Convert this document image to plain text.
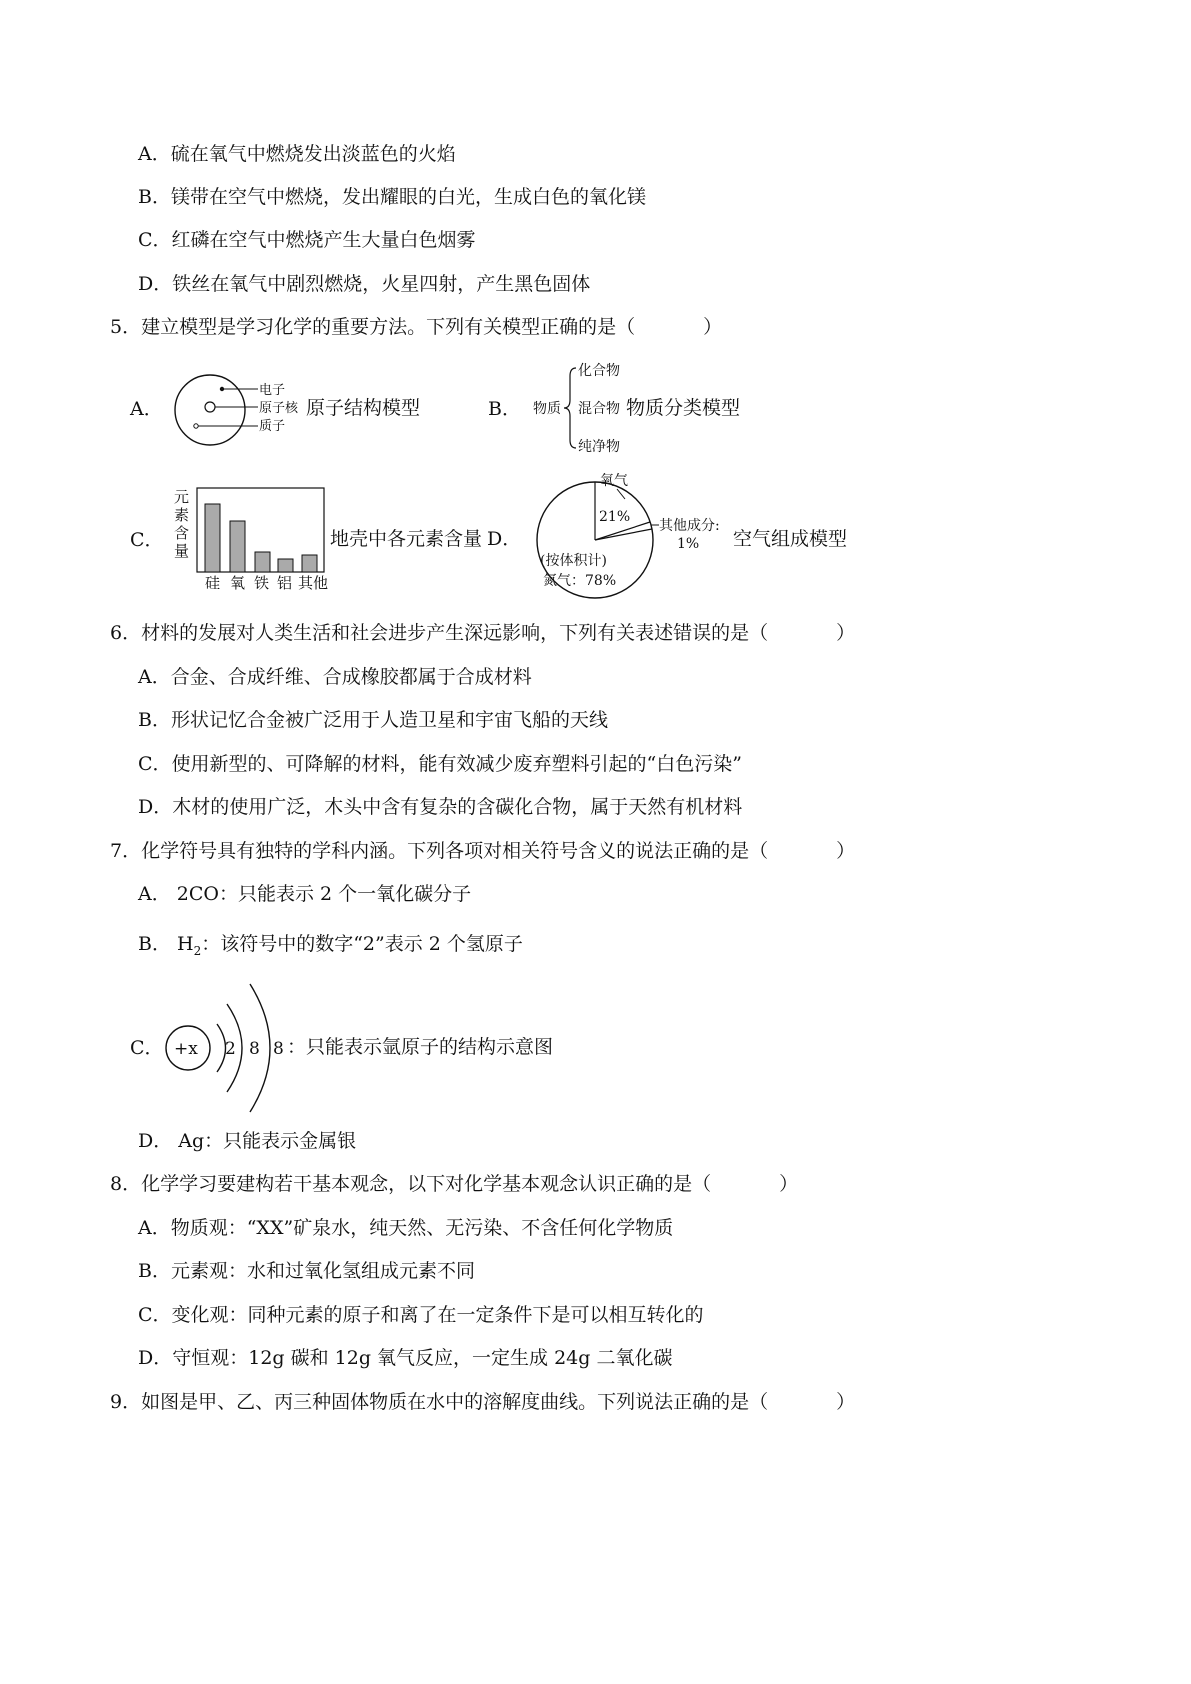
A．硫在氧气中燃烧发出淡蓝色的火焰
B．镁带在空气中燃烧，发出耀眼的白光，生成白色的氧化镁
C．红磷在空气中燃烧产生大量白色烟雾
D．铁丝在氧气中剧烈燃烧，火星四射，产生黑色固体
5．建立模型是学习化学的重要方法。下列有关模型正确的是（	）
A．
电子
原子核
质子
原子结构模型	B． 物质
化合物
混合物
纯净物
物质分类模型
C．
元
素
含
量
硅 氧 铁 铝 其他
地壳中各元素含量 D．
氧气
21%
其他成分:
1%
(按体积计)
氮气：78%
空气组成模型
6．材料的发展对人类生活和社会进步产生深远影响，下列有关表述错误的是（	）
A．合金、合成纤维、合成橡胶都属于合成材料
B．形状记忆合金被广泛用于人造卫星和宇宙飞船的天线
C．使用新型的、可降解的材料，能有效减少废弃塑料引起的“白色污染”
D．木材的使用广泛，木头中含有复杂的含碳化合物，属于天然有机材料
7．化学符号具有独特的学科内涵。下列各项对相关符号含义的说法正确的是（	）
A． 2CO：只能表示 2 个一氧化碳分子
B． $H_2$：该符号中的数字“2”表示 2 个氢原子
C． +x 2 8 8 ：只能表示氩原子的结构示意图
D． Ag：只能表示金属银
8．化学学习要建构若干基本观念，以下对化学基本观念认识正确的是（	）
A．物质观：“XX”矿泉水，纯天然、无污染、不含任何化学物质
B．元素观：水和过氧化氢组成元素不同
C．变化观：同种元素的原子和离了在一定条件下是可以相互转化的
D．守恒观：12g 碳和 12g 氧气反应，一定生成 24g 二氧化碳
9．如图是甲、乙、丙三种固体物质在水中的溶解度曲线。下列说法正确的是（	）
